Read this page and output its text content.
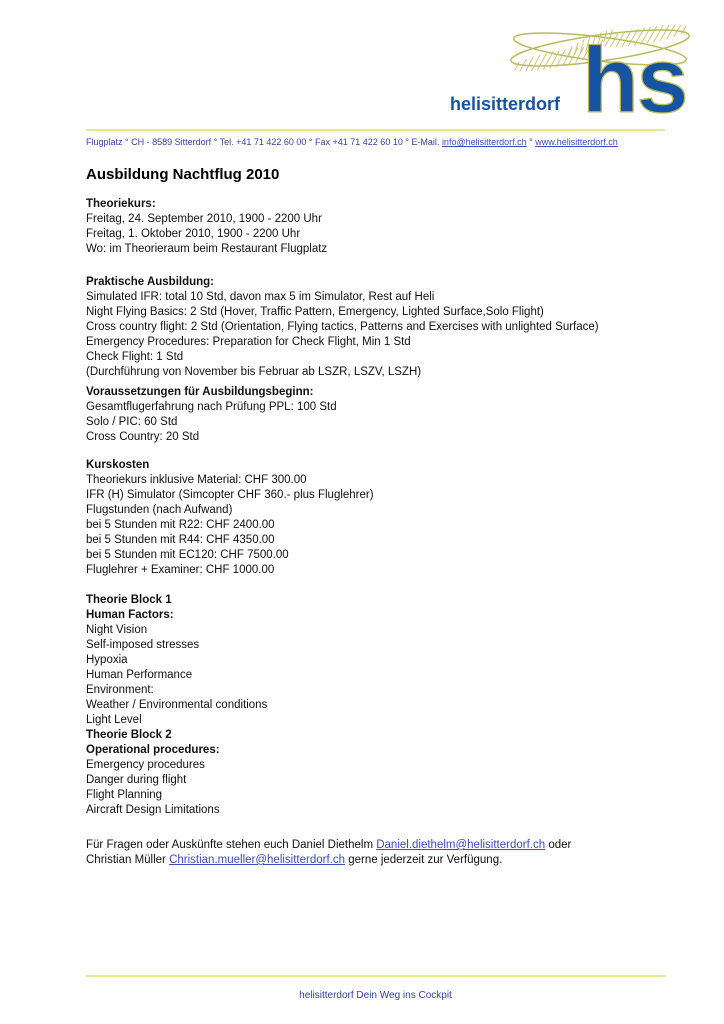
helisitterdorf hs
Flugplatz ° CH - 8589 Sitterdorf ° Tel. +41 71 422 60 00 ° Fax +41 71 422 60 10 ° E-Mail. info@helisitterdorf.ch ° www.helisitterdorf.ch
Ausbildung Nachtflug 2010
Theoriekurs:
Freitag, 24. September 2010, 1900 - 2200 Uhr
Freitag, 1. Oktober 2010, 1900 - 2200 Uhr
Wo: im Theorieraum beim Restaurant Flugplatz
Praktische Ausbildung:
Simulated IFR: total 10 Std, davon max 5 im Simulator, Rest auf Heli
Night Flying Basics: 2 Std (Hover, Traffic Pattern, Emergency, Lighted Surface,Solo Flight)
Cross country flight: 2 Std (Orientation, Flying tactics, Patterns and Exercises with unlighted Surface)
Emergency Procedures: Preparation for Check Flight, Min 1 Std
Check Flight: 1 Std
(Durchführung von November bis Februar ab LSZR, LSZV, LSZH)
Voraussetzungen für Ausbildungsbeginn:
Gesamtflugerfahrung nach Prüfung PPL: 100 Std
Solo / PIC: 60 Std
Cross Country: 20 Std
Kurskosten
Theoriekurs inklusive Material: CHF 300.00
IFR (H) Simulator (Simcopter CHF 360.- plus Fluglehrer)
Flugstunden (nach Aufwand)
bei 5 Stunden mit R22: CHF 2400.00
bei 5 Stunden mit R44: CHF 4350.00
bei 5 Stunden mit EC120: CHF 7500.00
Fluglehrer + Examiner: CHF 1000.00
Theorie Block 1
Human Factors:
Night Vision
Self-imposed stresses
Hypoxia
Human Performance
Environment:
Weather / Environmental conditions
Light Level
Theorie Block 2
Operational procedures:
Emergency procedures
Danger during flight
Flight Planning
Aircraft Design Limitations
Für Fragen oder Auskünfte stehen euch Daniel Diethelm Daniel.diethelm@helisitterdorf.ch oder
Christian Müller Christian.mueller@helisitterdorf.ch gerne jederzeit zur Verfügung.
helisitterdorf Dein Weg ins Cockpit
